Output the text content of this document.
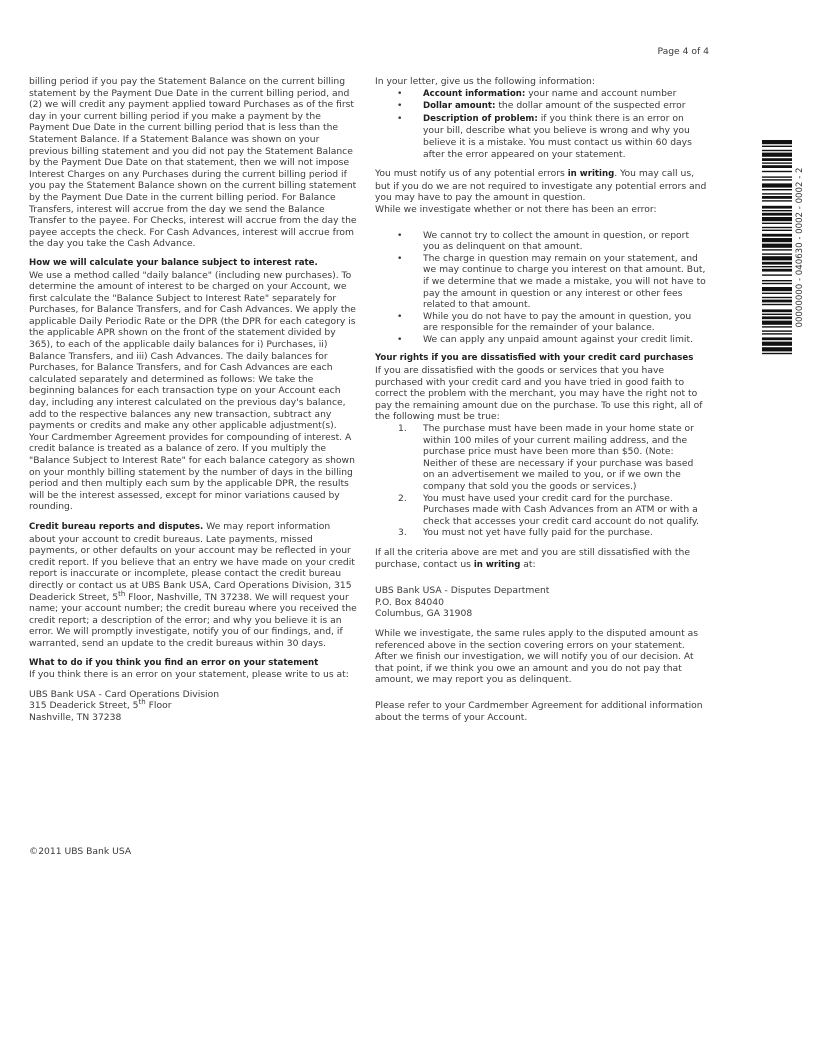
Page 4 of 4

billing period if you pay the Statement Balance on the current billing statement by the Payment Due Date in the current billing period, and (2) we will credit any payment applied toward Purchases as of the first day in your current billing period if you make a payment by the Payment Due Date in the current billing period that is less than the Statement Balance. If a Statement Balance was shown on your previous billing statement and you did not pay the Statement Balance by the Payment Due Date on that statement, then we will not impose Interest Charges on any Purchases during the current billing period if you pay the Statement Balance shown on the current billing statement by the Payment Due Date in the current billing period. For Balance Transfers, interest will accrue from the day we send the Balance Transfer to the payee. For Checks, interest will accrue from the day the payee accepts the check. For Cash Advances, interest will accrue from the day you take the Cash Advance.

How we will calculate your balance subject to interest rate.

We use a method called "daily balance" (including new purchases). To determine the amount of interest to be charged on your Account, we first calculate the "Balance Subject to Interest Rate" separately for Purchases, for Balance Transfers, and for Cash Advances. We apply the applicable Daily Periodic Rate or the DPR (the DPR for each category is the applicable APR shown on the front of the statement divided by 365), to each of the applicable daily balances for i) Purchases, ii) Balance Transfers, and iii) Cash Advances. The daily balances for Purchases, for Balance Transfers, and for Cash Advances are each calculated separately and determined as follows: We take the beginning balances for each transaction type on your Account each day, including any interest calculated on the previous day's balance, add to the respective balances any new transaction, subtract any payments or credits and make any other applicable adjustment(s). Your Cardmember Agreement provides for compounding of interest. A credit balance is treated as a balance of zero. If you multiply the "Balance Subject to Interest Rate" for each balance category as shown on your monthly billing statement by the number of days in the billing period and then multiply each sum by the applicable DPR, the results will be the interest assessed, except for minor variations caused by rounding.

Credit bureau reports and disputes. We may report information about your account to credit bureaus. Late payments, missed payments, or other defaults on your account may be reflected in your credit report. If you believe that an entry we have made on your credit report is inaccurate or incomplete, please contact the credit bureau directly or contact us at UBS Bank USA, Card Operations Division, 315 Deaderick Street, 5th Floor, Nashville, TN 37238. We will request your name; your account number; the credit bureau where you received the credit report; a description of the error; and why you believe it is an error. We will promptly investigate, notify you of our findings, and, if warranted, send an update to the credit bureaus within 30 days.

What to do if you think you find an error on your statement

If you think there is an error on your statement, please write to us at:

UBS Bank USA - Card Operations Division
315 Deaderick Street, 5th Floor
Nashville, TN 37238
In your letter, give us the following information:
• Account information: your name and account number
• Dollar amount: the dollar amount of the suspected error
• Description of problem: if you think there is an error on your bill, describe what you believe is wrong and why you believe it is a mistake. You must contact us within 60 days after the error appeared on your statement.
You must notify us of any potential errors in writing. You may call us, but if you do we are not required to investigate any potential errors and you may have to pay the amount in question.
While we investigate whether or not there has been an error:
• We cannot try to collect the amount in question, or report you as delinquent on that amount.
• The charge in question may remain on your statement, and we may continue to charge you interest on that amount. But, if we determine that we made a mistake, you will not have to pay the amount in question or any interest or other fees related to that amount.
• While you do not have to pay the amount in question, you are responsible for the remainder of your balance.
• We can apply any unpaid amount against your credit limit.
Your rights if you are dissatisfied with your credit card purchases
If you are dissatisfied with the goods or services that you have purchased with your credit card and you have tried in good faith to correct the problem with the merchant, you may have the right not to pay the remaining amount due on the purchase. To use this right, all of the following must be true:
1. The purchase must have been made in your home state or within 100 miles of your current mailing address, and the purchase price must have been more than $50. (Note: Neither of these are necessary if your purchase was based on an advertisement we mailed to you, or if we own the company that sold you the goods or services.)
2. You must have used your credit card for the purchase. Purchases made with Cash Advances from an ATM or with a check that accesses your credit card account do not qualify.
3. You must not yet have fully paid for the purchase.

If all the criteria above are met and you are still dissatisfied with the purchase, contact us in writing at:

UBS Bank USA - Disputes Department
P.O. Box 84040
Columbus, GA 31908

While we investigate, the same rules apply to the disputed amount as referenced above in the section covering errors on your statement. After we finish our investigation, we will notify you of our decision. At that point, if we think you owe an amount and you do not pay that amount, we may report you as delinquent.

Please refer to your Cardmember Agreement for additional information about the terms of your Account.

©2011 UBS Bank USA
00000000 - 040630 - 0002 - 0002 - 2
